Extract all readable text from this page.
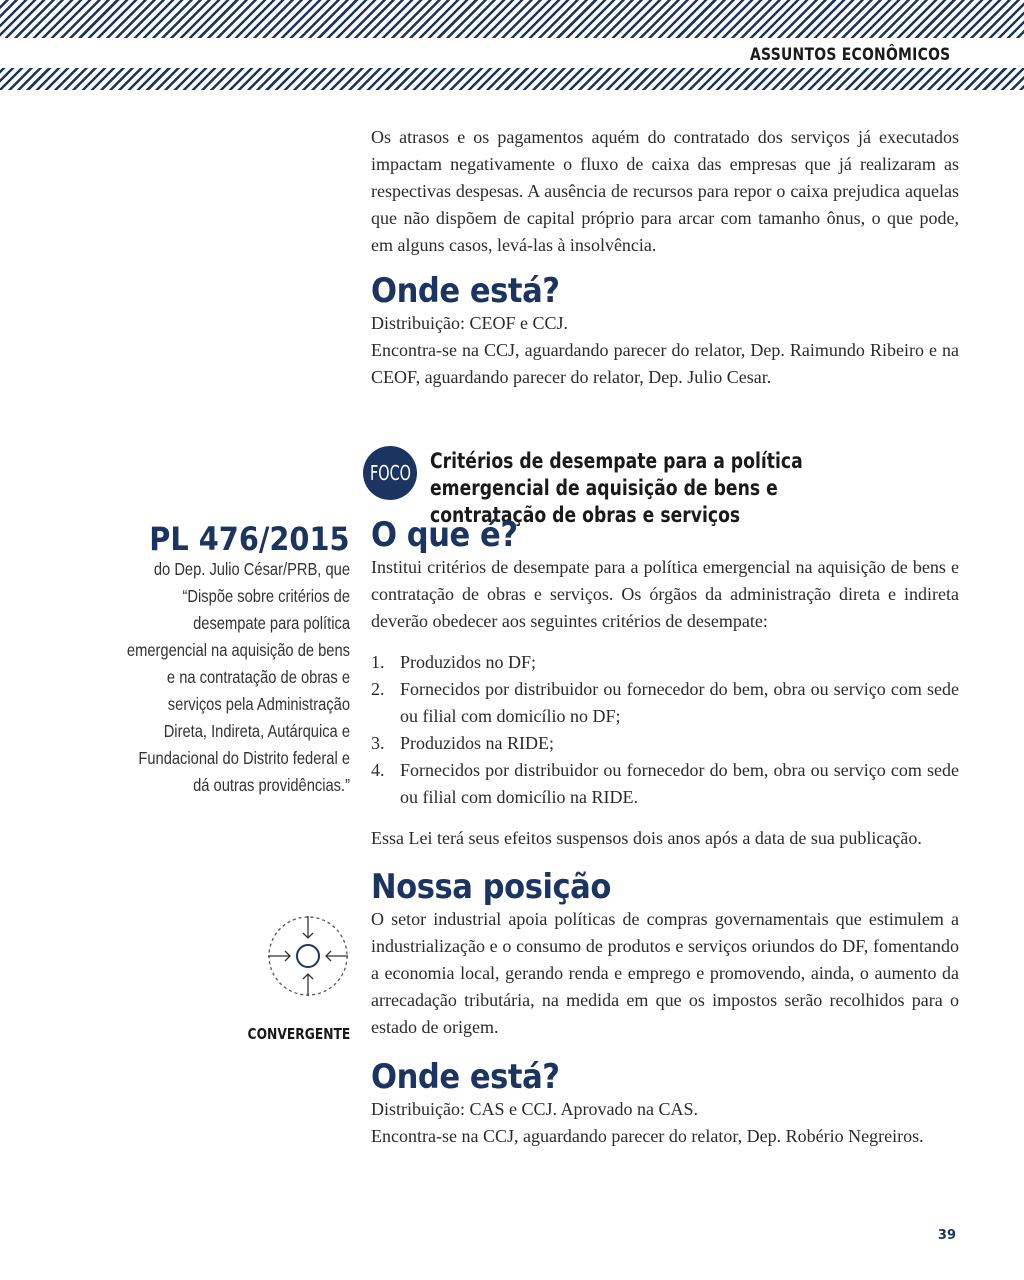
ASSUNTOS ECONÔMICOS

Os atrasos e os pagamentos aquém do contratado dos serviços já executados impactam negativamente o fluxo de caixa das empresas que já realizaram as respectivas despesas. A ausência de recursos para repor o caixa prejudica aquelas que não dispõem de capital próprio para arcar com tamanho ônus, o que pode, em alguns casos, levá-las à insolvência.

Onde está?

Distribuição: CEOF e CCJ.

Encontra-se na CCJ, aguardando parecer do relator, Dep. Raimundo Ribeiro e na CEOF, aguardando parecer do relator, Dep. Julio Cesar.

FOCO Critérios de desempate para a política emergencial de aquisição de bens e contratação de obras e serviços
PL 476/2015
do Dep. Julio César/PRB, que “Dispõe sobre critérios de desempate para política emergencial na aquisição de bens e na contratação de obras e serviços pela Administração Direta, Indireta, Autárquica e Fundacional do Distrito federal e dá outras providências.”
O que é?

Institui critérios de desempate para a política emergencial na aquisição de bens e contratação de obras e serviços. Os órgãos da administração direta e indireta deverão obedecer aos seguintes critérios de desempate:

1. Produzidos no DF;
2. Fornecidos por distribuidor ou fornecedor do bem, obra ou serviço com sede ou filial com domicílio no DF;
3. Produzidos na RIDE;
4. Fornecidos por distribuidor ou fornecedor do bem, obra ou serviço com sede ou filial com domicílio na RIDE.

Essa Lei terá seus efeitos suspensos dois anos após a data de sua publicação.

Nossa posição

O setor industrial apoia políticas de compras governamentais que estimulem a industrialização e o consumo de produtos e serviços oriundos do DF, fomentando a economia local, gerando renda e emprego e promovendo, ainda, o aumento da arrecadação tributária, na medida em que os impostos serão recolhidos para o estado de origem.

CONVERGENTE
Onde está?

Distribuição: CAS e CCJ. Aprovado na CAS.

Encontra-se na CCJ, aguardando parecer do relator, Dep. Robério Negreiros.

39
